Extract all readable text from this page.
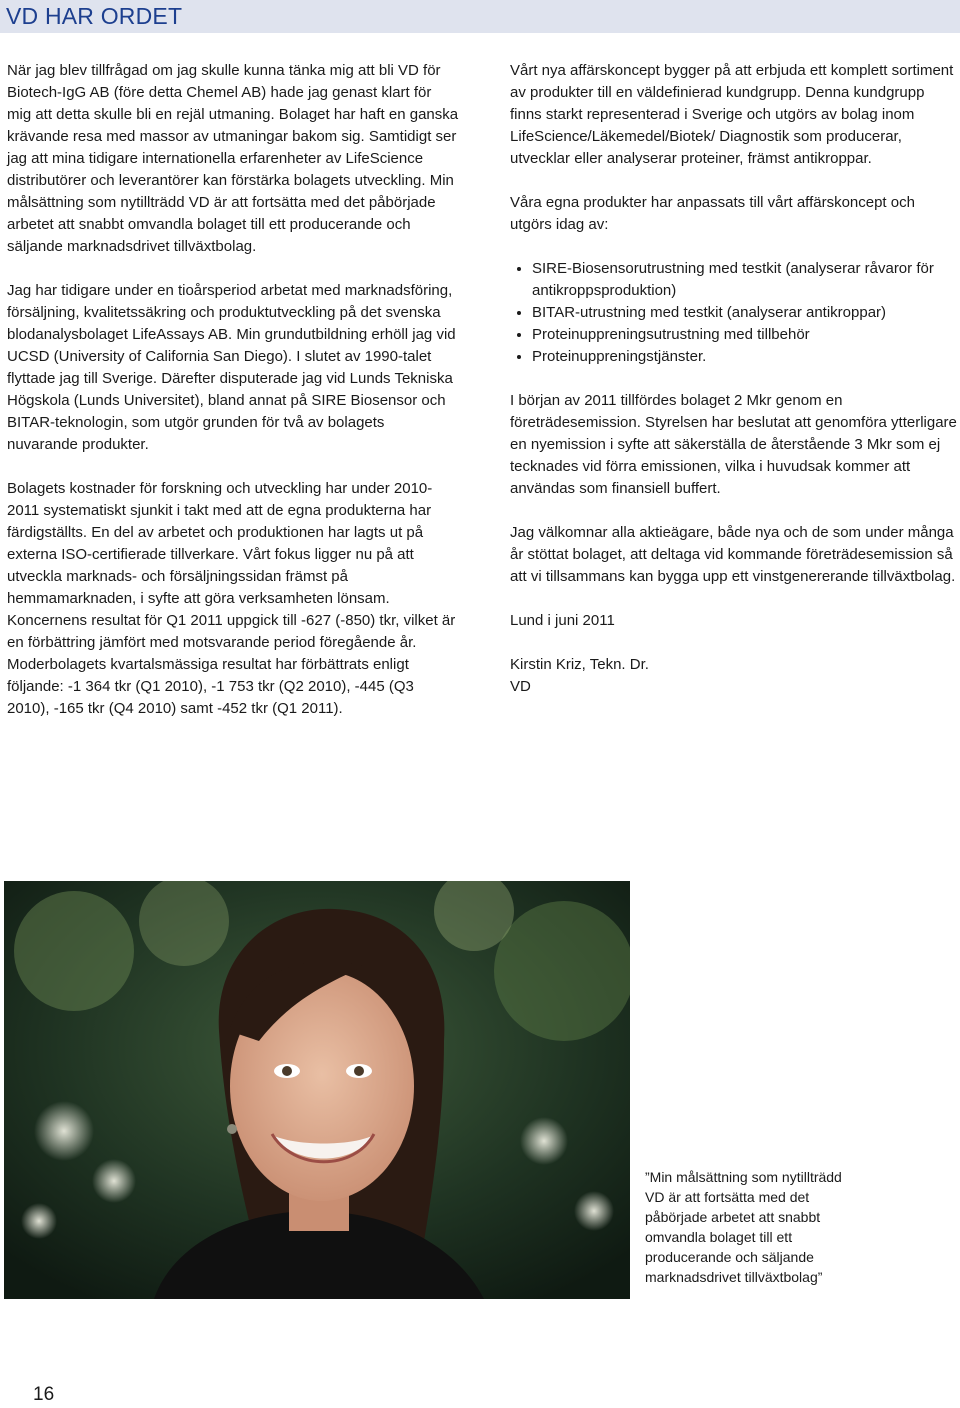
VD HAR ORDET

När jag blev tillfrågad om jag skulle kunna tänka mig att bli VD för Biotech-IgG AB (före detta Chemel AB) hade jag genast klart för mig att detta skulle bli en rejäl utmaning. Bolaget har haft en ganska krävande resa med massor av utmaningar bakom sig. Samtidigt ser jag att mina tidigare internationella erfarenheter av LifeScience distributörer och leverantörer kan förstärka bolagets utveckling. Min målsättning som nytillträdd VD är att fortsätta med det påbörjade arbetet att snabbt omvandla bolaget till ett producerande och säljande marknadsdrivet tillväxtbolag.

Jag har tidigare under en tioårsperiod arbetat med marknadsföring, försäljning, kvalitetssäkring och produktutveckling på det svenska blodanalysbolaget LifeAssays AB. Min grundutbildning erhöll jag vid UCSD (University of California San Diego). I slutet av 1990-talet flyttade jag till Sverige. Därefter disputerade jag vid Lunds Tekniska Högskola (Lunds Universitet), bland annat på SIRE Biosensor och BITAR-teknologin, som utgör grunden för två av bolagets nuvarande produkter.

Bolagets kostnader för forskning och utveckling har under 2010-2011 systematiskt sjunkit i takt med att de egna produkterna har färdigställts. En del av arbetet och produktionen har lagts ut på externa ISO-certifierade tillverkare. Vårt fokus ligger nu på att utveckla marknads- och försäljningssidan främst på hemmamarknaden, i syfte att göra verksamheten lönsam. Koncernens resultat för Q1 2011 uppgick till -627 (-850) tkr, vilket är en förbättring jämfört med motsvarande period föregående år. Moderbolagets kvartalsmässiga resultat har förbättrats enligt följande: -1 364 tkr (Q1 2010), -1 753 tkr (Q2 2010), -445 (Q3 2010), -165 tkr (Q4 2010) samt -452 tkr (Q1 2011).

Vårt nya affärskoncept bygger på att erbjuda ett komplett sortiment av produkter till en väldefinierad kundgrupp. Denna kundgrupp finns starkt representerad i Sverige och utgörs av bolag inom LifeScience/Läkemedel/Biotek/ Diagnostik som producerar, utvecklar eller analyserar proteiner, främst antikroppar.

Våra egna produkter har anpassats till vårt affärskoncept och utgörs idag av:

• SIRE-Biosensorutrustning med testkit (analyserar råvaror för antikroppsproduktion)
• BITAR-utrustning med testkit (analyserar antikroppar)
• Proteinuppreningsutrustning med tillbehör
• Proteinuppreningstjänster.

I början av 2011 tillfördes bolaget 2 Mkr genom en företrädesemission. Styrelsen har beslutat att genomföra ytterligare en nyemission i syfte att säkerställa de återstående 3 Mkr som ej tecknades vid förra emissionen, vilka i huvudsak kommer att användas som finansiell buffert.

Jag välkomnar alla aktieägare, både nya och de som under många år stöttat bolaget, att deltaga vid kommande företrädesemission så att vi tillsammans kan bygga upp ett vinstgenererande tillväxtbolag.

Lund i juni 2011

Kirstin Kriz, Tekn. Dr.
VD

”Min målsättning som nytillträdd VD är att fortsätta med det påbörjade arbetet att snabbt omvandla bolaget till ett producerande och säljande marknadsdrivet tillväxtbolag”
16
